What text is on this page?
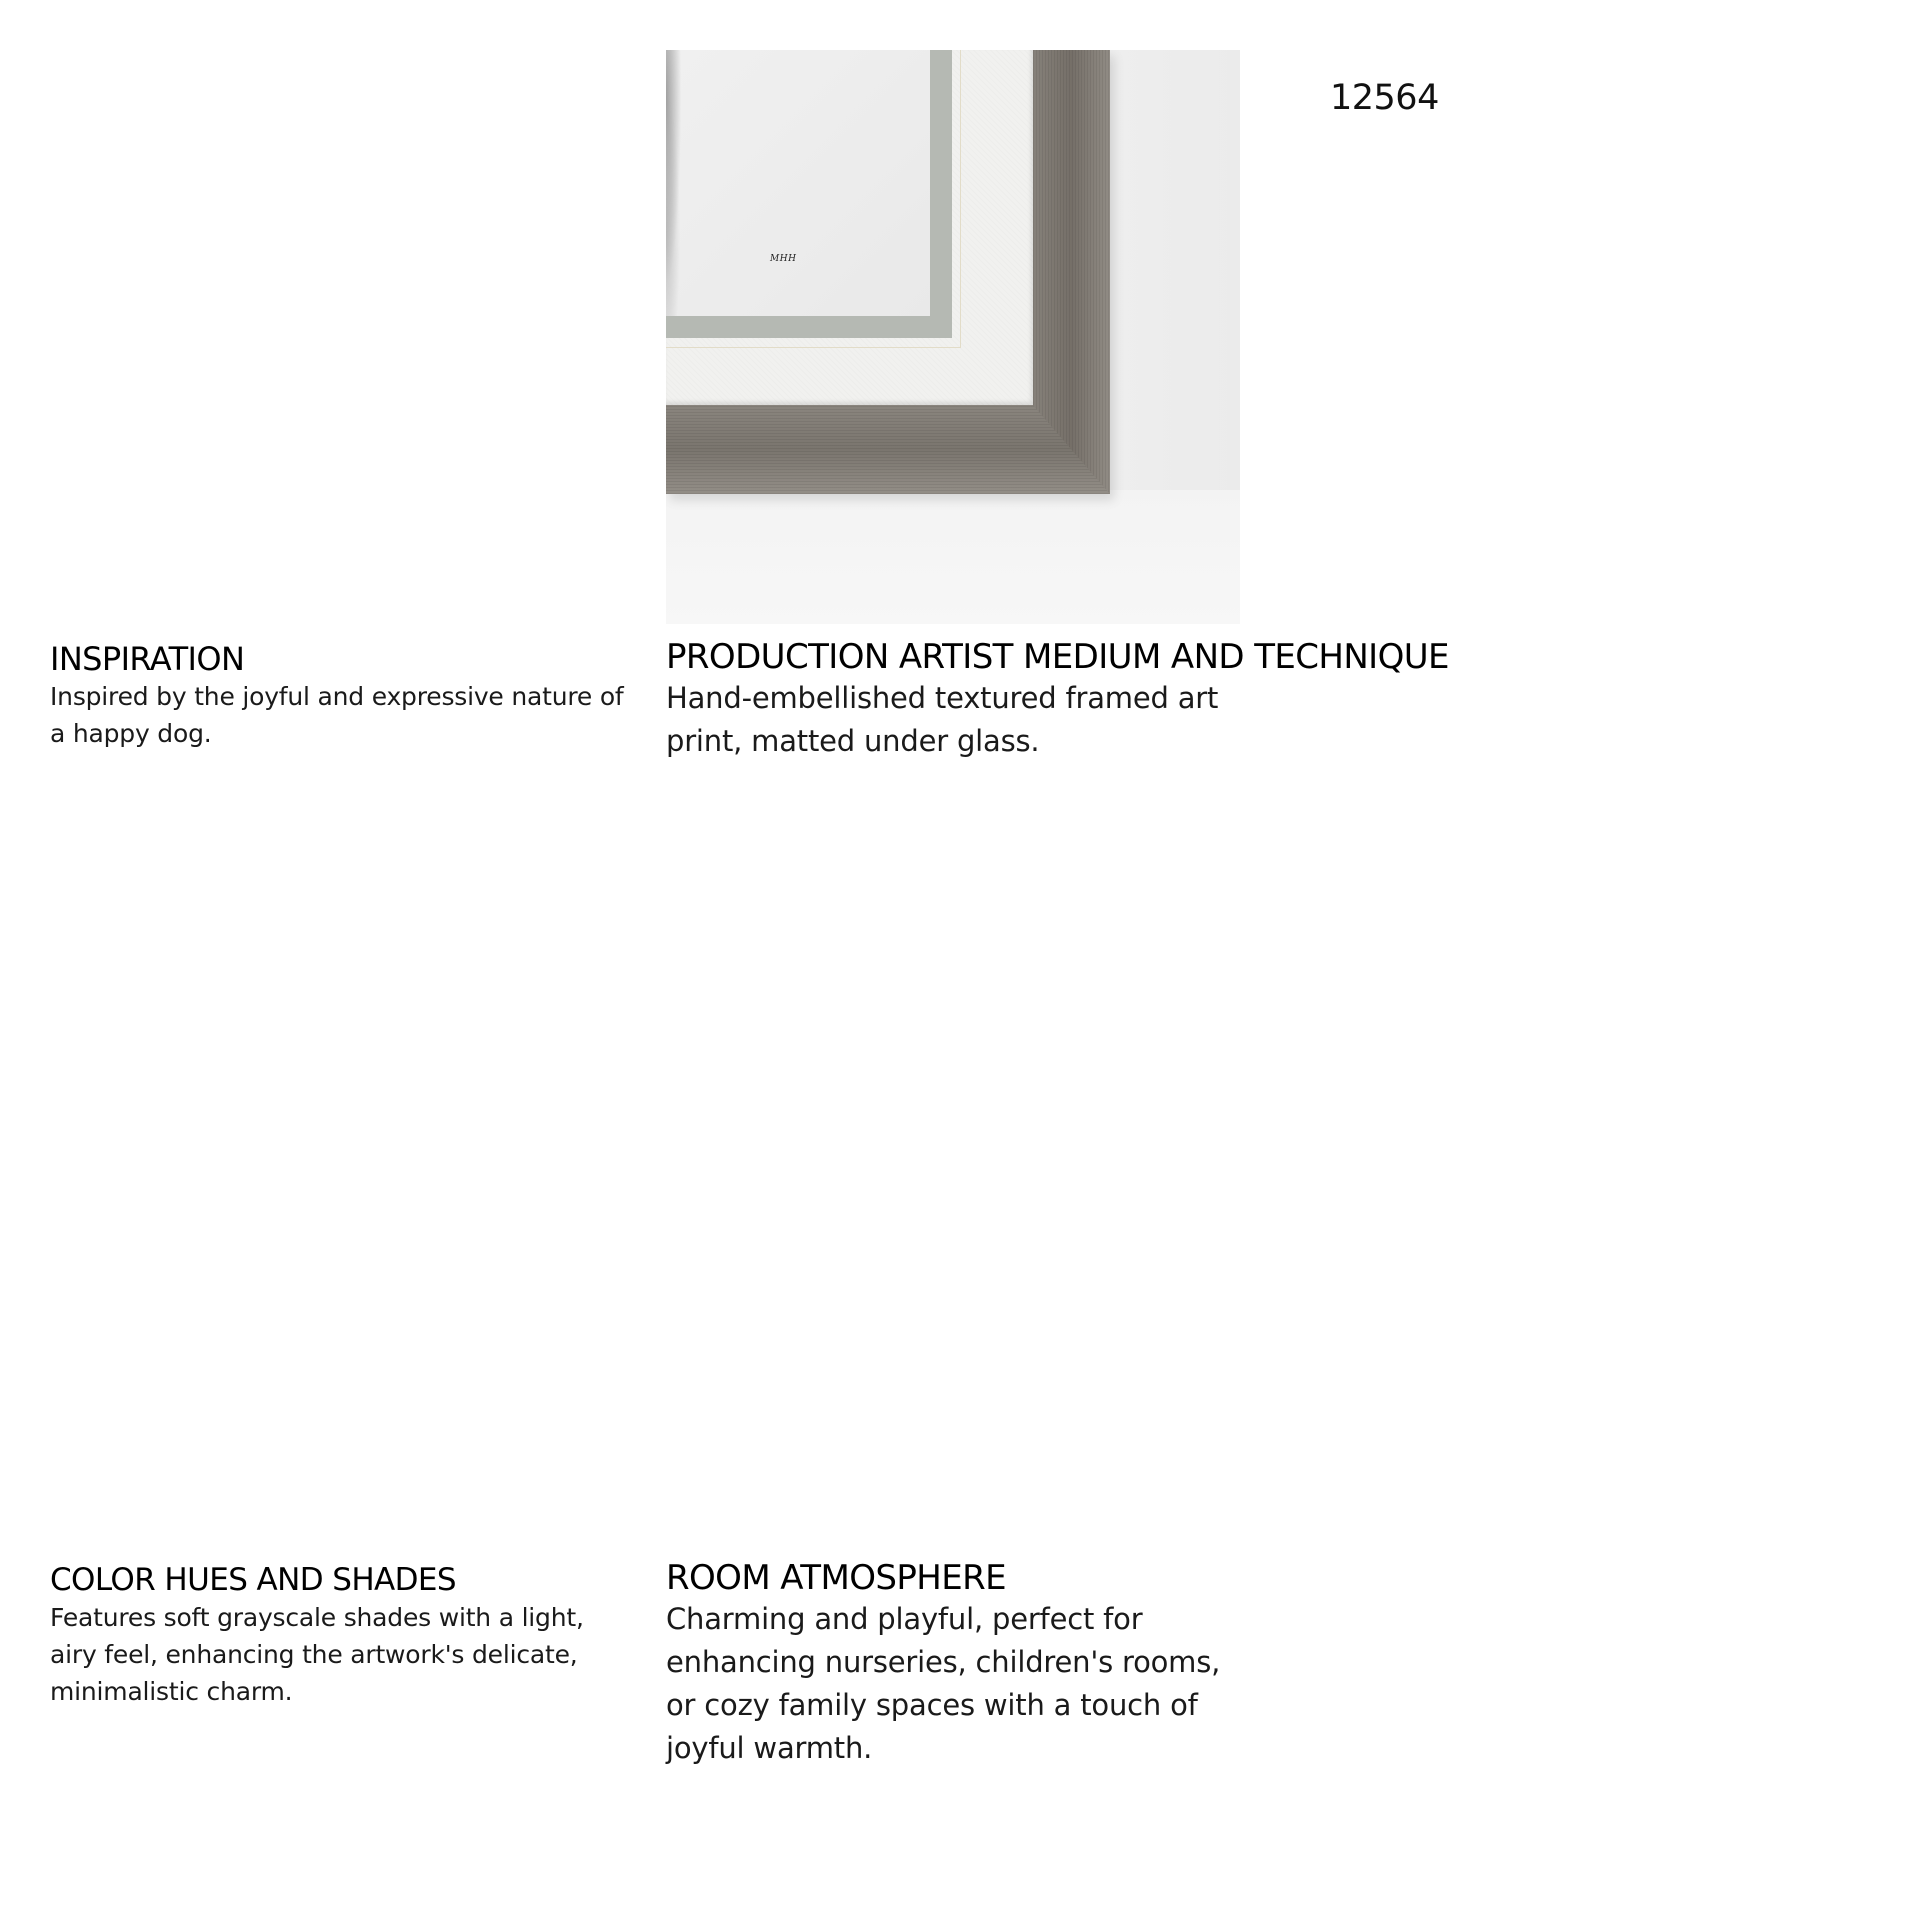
12564
MHH
INSPIRATION

Inspired by the joyful and expressive nature of
a happy dog.

PRODUCTION ARTIST MEDIUM AND TECHNIQUE

Hand-embellished textured framed art
print, matted under glass.

COLOR HUES AND SHADES

Features soft grayscale shades with a light,
airy feel, enhancing the artwork's delicate,
minimalistic charm.

ROOM ATMOSPHERE

Charming and playful, perfect for
enhancing nurseries, children's rooms,
or cozy family spaces with a touch of
joyful warmth.
